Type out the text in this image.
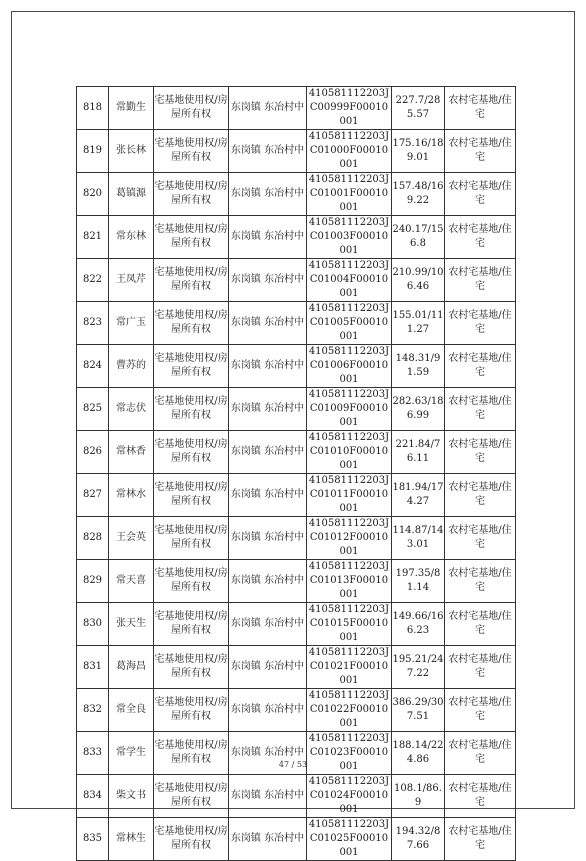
818	常勤生	宅基地使用权/房屋所有权	东岗镇 东冶村中	410581112203JC00999F00010001	227.7/285.57	农村宅基地/住宅
819	张长林	宅基地使用权/房屋所有权	东岗镇 东冶村中	410581112203JC01000F00010001	175.16/189.01	农村宅基地/住宅
820	葛镇源	宅基地使用权/房屋所有权	东岗镇 东冶村中	410581112203JC01001F00010001	157.48/169.22	农村宅基地/住宅
821	常东林	宅基地使用权/房屋所有权	东岗镇 东冶村中	410581112203JC01003F00010001	240.17/156.8	农村宅基地/住宅
822	王凤芹	宅基地使用权/房屋所有权	东岗镇 东冶村中	410581112203JC01004F00010001	210.99/106.46	农村宅基地/住宅
823	常广玉	宅基地使用权/房屋所有权	东岗镇 东冶村中	410581112203JC01005F00010001	155.01/111.27	农村宅基地/住宅
824	曹苏的	宅基地使用权/房屋所有权	东岗镇 东冶村中	410581112203JC01006F00010001	148.31/91.59	农村宅基地/住宅
825	常志伏	宅基地使用权/房屋所有权	东岗镇 东冶村中	410581112203JC01009F00010001	282.63/186.99	农村宅基地/住宅
826	常林香	宅基地使用权/房屋所有权	东岗镇 东冶村中	410581112203JC01010F00010001	221.84/76.11	农村宅基地/住宅
827	常林水	宅基地使用权/房屋所有权	东岗镇 东冶村中	410581112203JC01011F00010001	181.94/174.27	农村宅基地/住宅
828	王会英	宅基地使用权/房屋所有权	东岗镇 东冶村中	410581112203JC01012F00010001	114.87/143.01	农村宅基地/住宅
829	常天喜	宅基地使用权/房屋所有权	东岗镇 东冶村中	410581112203JC01013F00010001	197.35/81.14	农村宅基地/住宅
830	张天生	宅基地使用权/房屋所有权	东岗镇 东冶村中	410581112203JC01015F00010001	149.66/166.23	农村宅基地/住宅
831	葛海昌	宅基地使用权/房屋所有权	东岗镇 东冶村中	410581112203JC01021F00010001	195.21/247.22	农村宅基地/住宅
832	常全良	宅基地使用权/房屋所有权	东岗镇 东冶村中	410581112203JC01022F00010001	386.29/307.51	农村宅基地/住宅
833	常学生	宅基地使用权/房屋所有权	东岗镇 东冶村中	410581112203JC01023F00010001	188.14/224.86	农村宅基地/住宅
834	柴文书	宅基地使用权/房屋所有权	东岗镇 东冶村中	410581112203JC01024F00010001	108.1/86.9	农村宅基地/住宅
835	常林生	宅基地使用权/房屋所有权	东岗镇 东冶村中	410581112203JC01025F00010001	194.32/87.66	农村宅基地/住宅
47 / 53
